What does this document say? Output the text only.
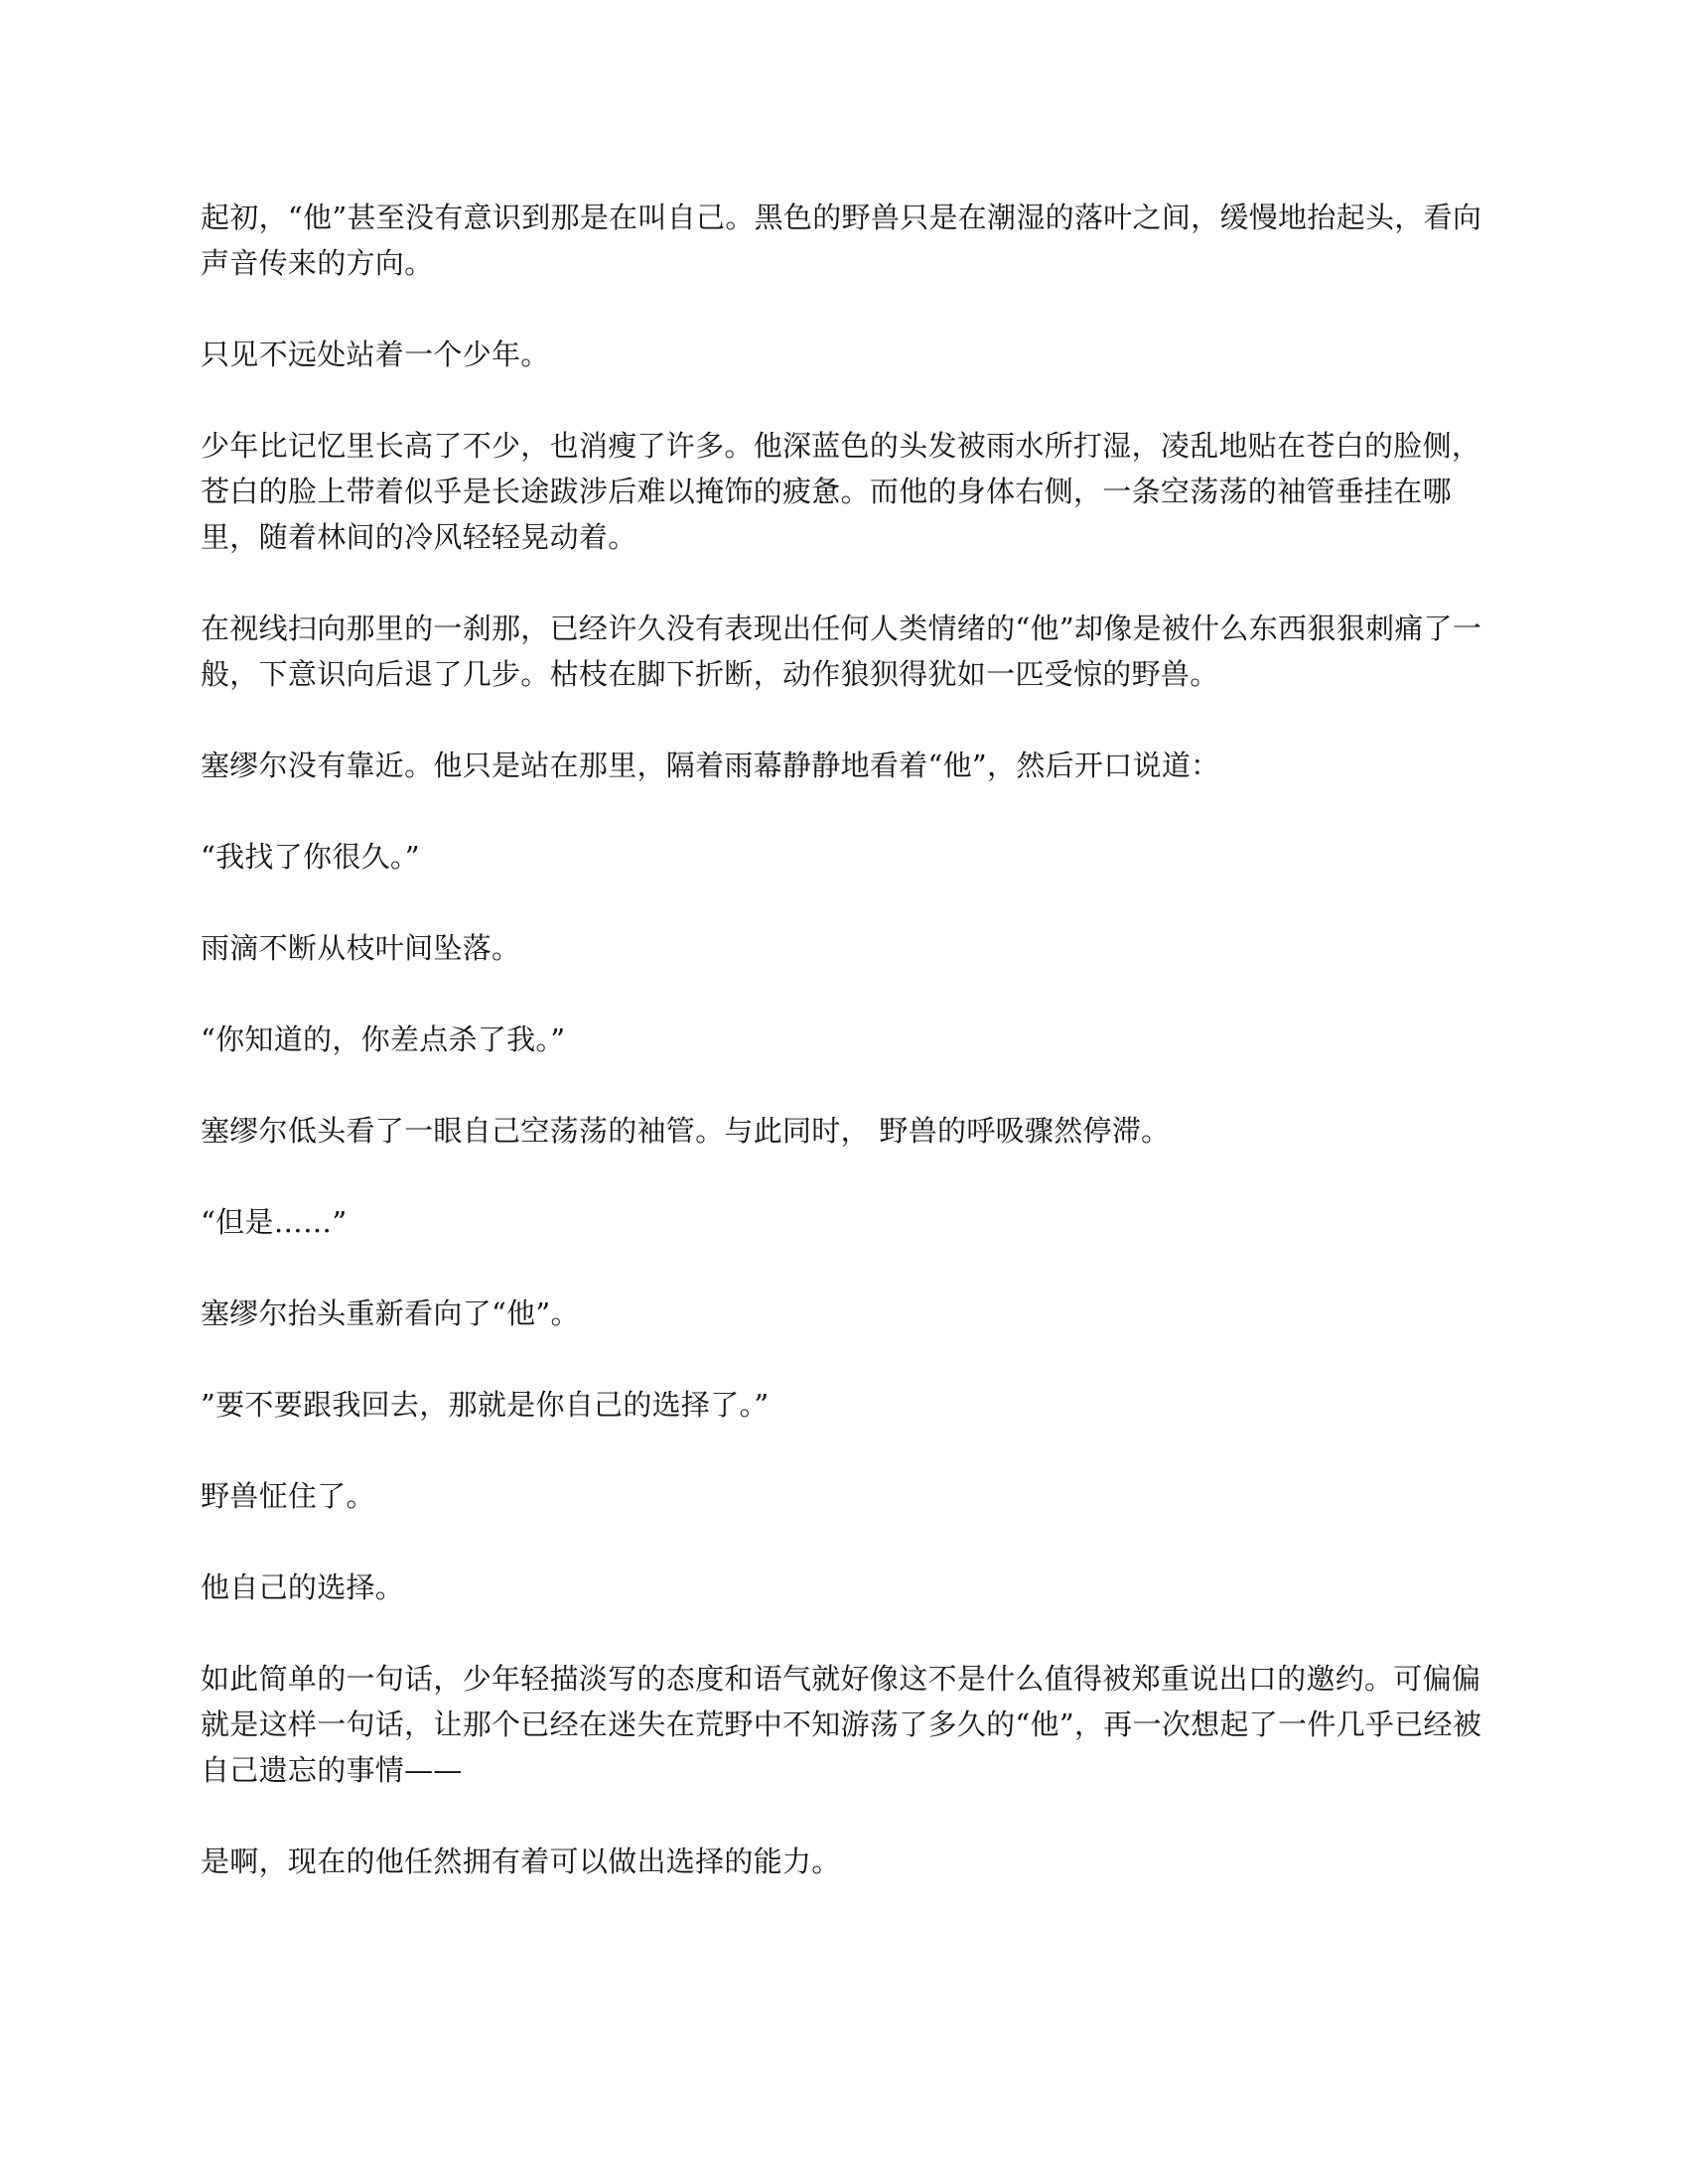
起初，“他”甚至没有意识到那是在叫自己。黑色的野兽只是在潮湿的落叶之间，缓慢地抬起头，看向声音传来的方向。

只见不远处站着一个少年。

少年比记忆里长高了不少，也消瘦了许多。他深蓝色的头发被雨水所打湿，凌乱地贴在苍白的脸侧，苍白的脸上带着似乎是长途跋涉后难以掩饰的疲惫。而他的身体右侧，一条空荡荡的袖管垂挂在哪里，随着林间的冷风轻轻晃动着。

在视线扫向那里的一刹那，已经许久没有表现出任何人类情绪的“他”却像是被什么东西狠狠刺痛了一般，下意识向后退了几步。枯枝在脚下折断，动作狼狈得犹如一匹受惊的野兽。

塞缪尔没有靠近。他只是站在那里，隔着雨幕静静地看着“他”，然后开口说道：

“我找了你很久。”

雨滴不断从枝叶间坠落。

“你知道的，你差点杀了我。”

塞缪尔低头看了一眼自己空荡荡的袖管。与此同时， 野兽的呼吸骤然停滞。

“但是……”

塞缪尔抬头重新看向了“他”。

”要不要跟我回去，那就是你自己的选择了。”

野兽怔住了。

他自己的选择。

如此简单的一句话，少年轻描淡写的态度和语气就好像这不是什么值得被郑重说出口的邀约。可偏偏就是这样一句话，让那个已经在迷失在荒野中不知游荡了多久的“他”，再一次想起了一件几乎已经被自己遗忘的事情——

是啊，现在的他任然拥有着可以做出选择的能力。
